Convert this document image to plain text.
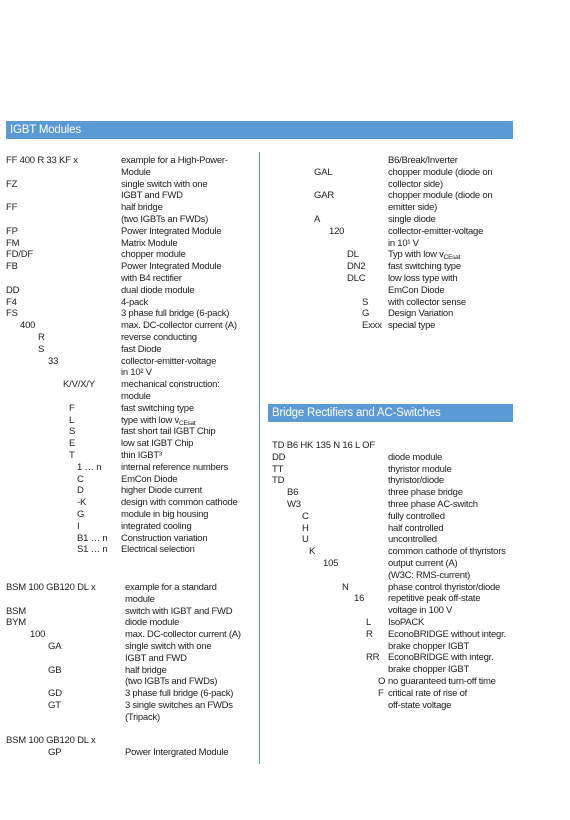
IGBT Modules
Bridge Rectifiers and AC-Switches
FF 400 R 33 KF x	example for a High-Power-
Module
FZ	single switch with one
IGBT and FWD
FF	half bridge
(two IGBTs an FWDs)
FP	Power Integrated Module
FM	Matrix Module
FD/DF	chopper module
FB	Power Integrated Module
with B4 rectifier
DD	dual diode module
F4	4-pack
FS	3 phase full bridge (6-pack)
400	max. DC-collector current (A)
R	reverse conducting
S	fast Diode
33	collector-emitter-voltage
in 10² V
K/V/X/Y	mechanical construction:
module
F	fast switching type
L	type with low $v_{CEsat}$
S	fast short tail IGBT Chip
E	low sat IGBT Chip
T	thin IGBT³
1 … n internal reference numbers
C	EmCon Diode
D	higher Diode current
-K	design with common cathode
G	module in big housing
I	integrated cooling
B1 … n Construction variation
S1 … n Electrical selection
BSM 100 GB120 DL x	example for a standard
module
BSM	switch with IGBT and FWD
BYM	diode module
100	max. DC-collector current (A)
GA	single switch with one
IGBT and FWD
GB	half bridge
(two IGBTs and FWDs)
GD	3 phase full bridge (6-pack)
GT	3 single switches an FWDs
(Tripack)
BSM 100 GB120 DL x
GP	Power Intergrated Module
B6/Break/Inverter
GAL	chopper module (diode on
collector side)
GAR	chopper module (diode on
emitter side)
A	single diode
120	collector-emitter-voltage
in 10¹ V
DL	Typ with low $v_{CEsat}$
DN2 fast switching type
DLC low loss type with
EmCon Diode
S with collector sense
G Design Variation
Exxx special type
TD B6 HK 135 N 16 L OF
DD	diode module
TT	thyristor module
TD	thyristor/diode
B6	three phase bridge
W3	three phase AC-switch
C	fully controlled
H	half controlled
U	uncontrolled
K	common cathode of thyristors
105	output current (A)
(W3C: RMS-current)
N	phase control thyristor/diode
16	repetitive peak off-state
voltage in 100 V
L IsoPACK
R EconoBRIDGE without integr.
brake chopper IGBT
RR EconoBRIDGE with integr.
brake chopper IGBT
O no guaranteed turn-off time
F critical rate of rise of
off-state voltage
